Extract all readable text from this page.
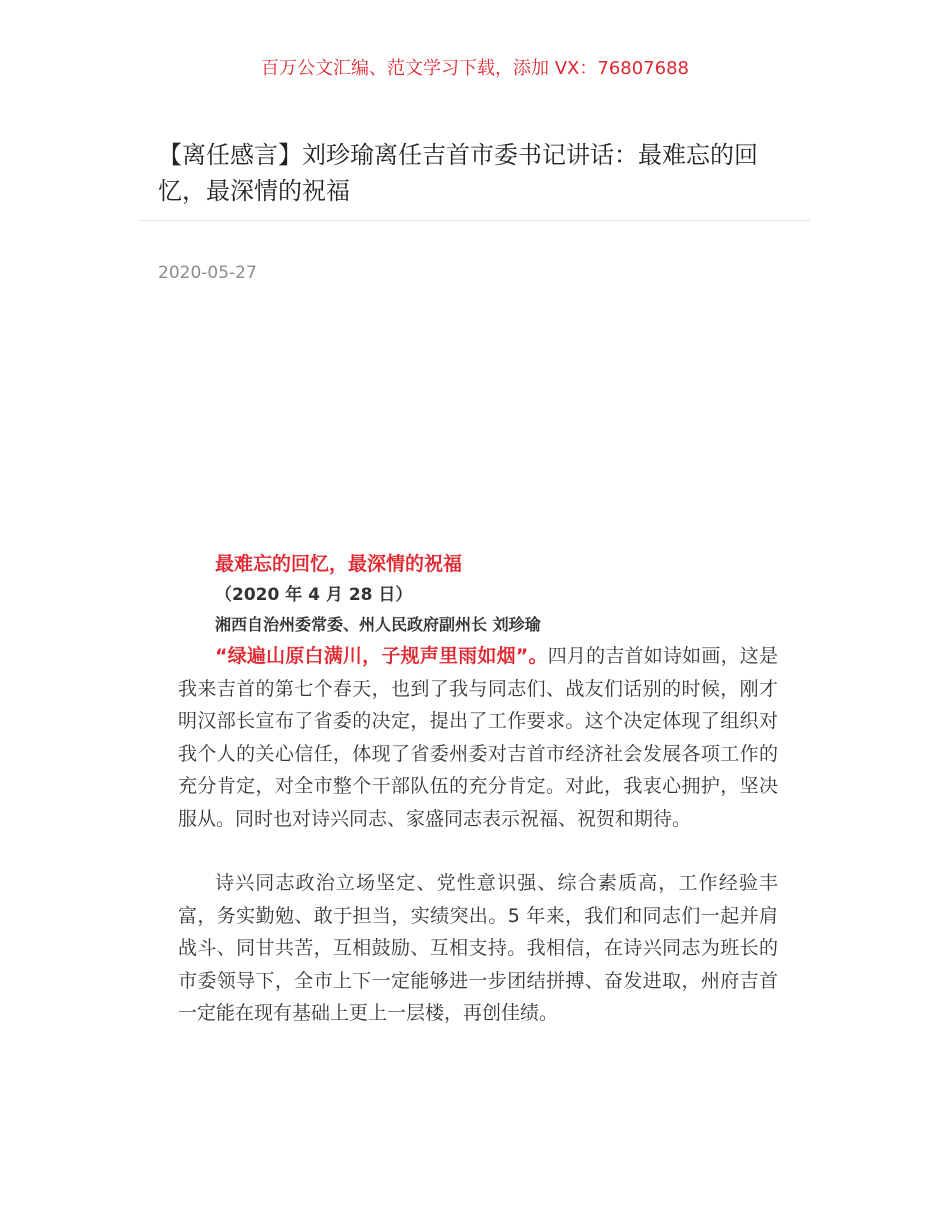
百万公文汇编、范文学习下载，添加 VX：76807688
【离任感言】刘珍瑜离任吉首市委书记讲话：最难忘的回忆，最深情的祝福
2020-05-27

最难忘的回忆，最深情的祝福

（2020 年 4 月 28 日）

湘西自治州委常委、州人民政府副州长 刘珍瑜

“绿遍山原白满川，子规声里雨如烟”。四月的吉首如诗如画，这是我来吉首的第七个春天，也到了我与同志们、战友们话别的时候，刚才明汉部长宣布了省委的决定，提出了工作要求。这个决定体现了组织对我个人的关心信任，体现了省委州委对吉首市经济社会发展各项工作的充分肯定，对全市整个干部队伍的充分肯定。对此，我衷心拥护，坚决服从。同时也对诗兴同志、家盛同志表示祝福、祝贺和期待。

诗兴同志政治立场坚定、党性意识强、综合素质高，工作经验丰富，务实勤勉、敢于担当，实绩突出。5 年来，我们和同志们一起并肩战斗、同甘共苦，互相鼓励、互相支持。我相信，在诗兴同志为班长的市委领导下，全市上下一定能够进一步团结拼搏、奋发进取，州府吉首一定能在现有基础上更上一层楼，再创佳绩。
